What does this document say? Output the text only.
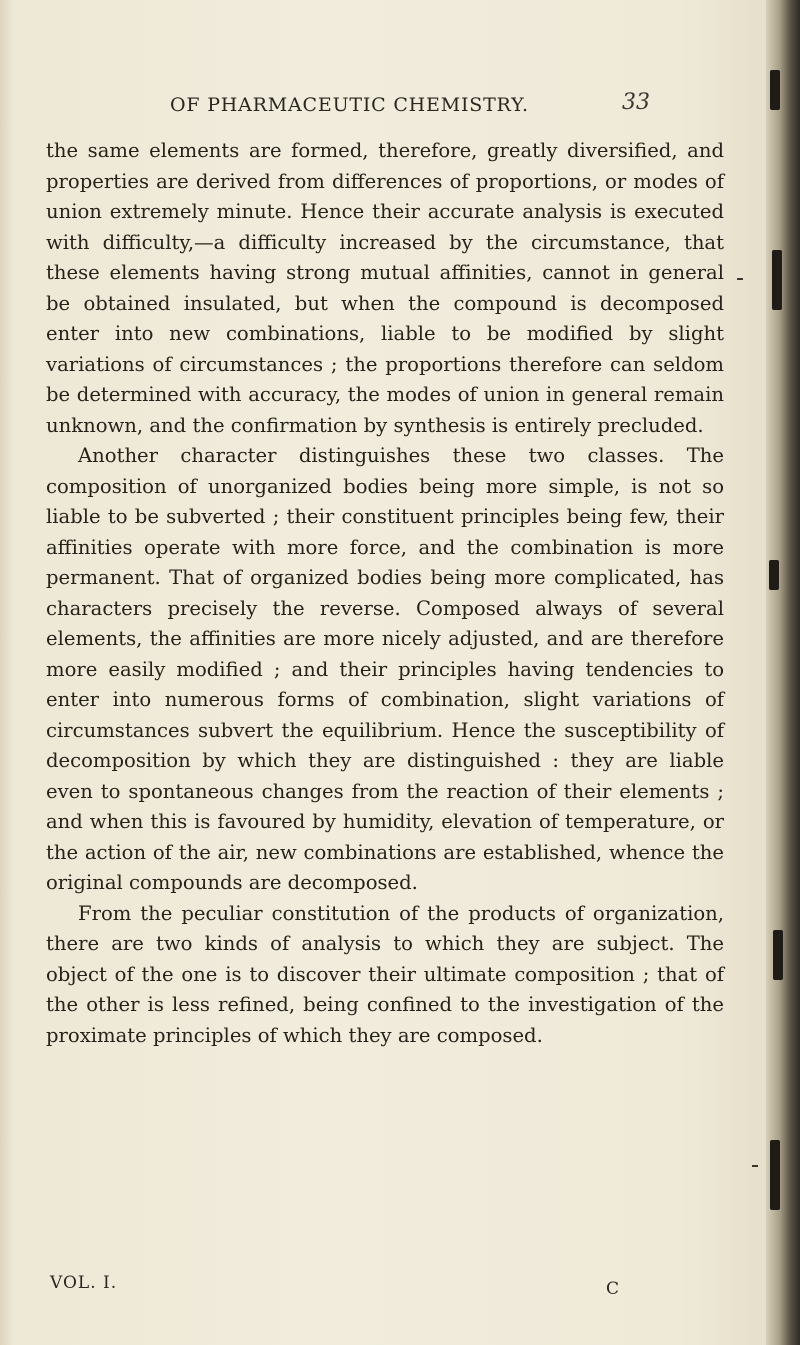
OF PHARMACEUTIC CHEMISTRY.	33

the same elements are formed, therefore, greatly diversified, and properties are derived from differences of proportions, or modes of union extremely minute. Hence their accurate analysis is executed with difficulty,—a difficulty increased by the circumstance, that these elements having strong mutual affinities, cannot in general be obtained insulated, but when the compound is decomposed enter into new combinations, liable to be modified by slight variations of circumstances ; the proportions therefore can seldom be determined with accuracy, the modes of union in general remain unknown, and the confirmation by synthesis is entirely precluded.

Another character distinguishes these two classes. The composition of unorganized bodies being more simple, is not so liable to be subverted ; their constituent principles being few, their affinities operate with more force, and the combination is more permanent. That of organized bodies being more complicated, has characters precisely the reverse. Composed always of several elements, the affinities are more nicely adjusted, and are therefore more easily modified ; and their principles having tendencies to enter into numerous forms of combination, slight variations of circumstances subvert the equilibrium. Hence the susceptibility of decomposition by which they are distinguished : they are liable even to spontaneous changes from the reaction of their elements ; and when this is favoured by humidity, elevation of temperature, or the action of the air, new combinations are established, whence the original compounds are decomposed.

From the peculiar constitution of the products of organization, there are two kinds of analysis to which they are subject. The object of the one is to discover their ultimate composition ; that of the other is less refined, being confined to the investigation of the proximate principles of which they are composed.

VOL. I.	C
